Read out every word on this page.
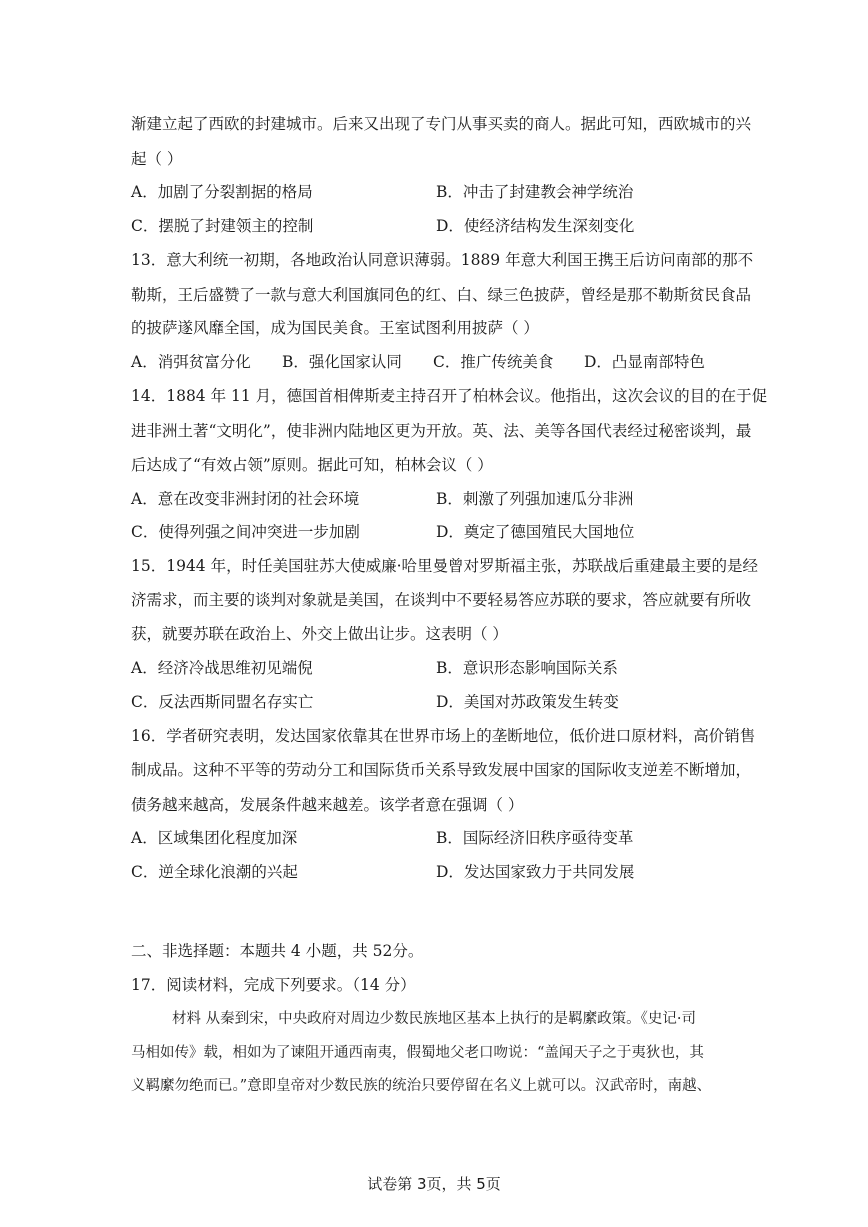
渐建立起了西欧的封建城市。后来又出现了专门从事买卖的商人。据此可知，西欧城市的兴
起（ ）
A．加剧了分裂割据的格局	B．冲击了封建教会神学统治
C．摆脱了封建领主的控制	D．使经济结构发生深刻变化
13．意大利统一初期，各地政治认同意识薄弱。1889 年意大利国王携王后访问南部的那不
勒斯，王后盛赞了一款与意大利国旗同色的红、白、绿三色披萨，曾经是那不勒斯贫民食品
的披萨遂风靡全国，成为国民美食。王室试图利用披萨（ ）
A．消弭贫富分化 B．强化国家认同 C．推广传统美食 D．凸显南部特色
14．1884 年 11 月，德国首相俾斯麦主持召开了柏林会议。他指出，这次会议的目的在于促
进非洲土著“文明化”，使非洲内陆地区更为开放。英、法、美等各国代表经过秘密谈判，最
后达成了“有效占领”原则。据此可知，柏林会议（ ）
A．意在改变非洲封闭的社会环境	B．刺激了列强加速瓜分非洲
C．使得列强之间冲突进一步加剧	D．奠定了德国殖民大国地位
15．1944 年，时任美国驻苏大使威廉·哈里曼曾对罗斯福主张，苏联战后重建最主要的是经
济需求，而主要的谈判对象就是美国，在谈判中不要轻易答应苏联的要求，答应就要有所收
获，就要苏联在政治上、外交上做出让步。这表明（ ）
A．经济冷战思维初见端倪	B．意识形态影响国际关系
C．反法西斯同盟名存实亡	D．美国对苏政策发生转变
16．学者研究表明，发达国家依靠其在世界市场上的垄断地位，低价进口原材料，高价销售
制成品。这种不平等的劳动分工和国际货币关系导致发展中国家的国际收支逆差不断增加，
债务越来越高，发展条件越来越差。该学者意在强调（ ）
A．区域集团化程度加深	B．国际经济旧秩序亟待变革
C．逆全球化浪潮的兴起	D．发达国家致力于共同发展
二、非选择题：本题共 4 小题，共 52分。
17．阅读材料，完成下列要求。（14 分）
材料 从秦到宋，中央政府对周边少数民族地区基本上执行的是羁縻政策。《史记·司
马相如传》载，相如为了谏阻开通西南夷，假蜀地父老口吻说：“盖闻天子之于夷狄也，其
义羁縻勿绝而已。”意即皇帝对少数民族的统治只要停留在名义上就可以。汉武帝时，南越、
试卷第 3页，共 5页
